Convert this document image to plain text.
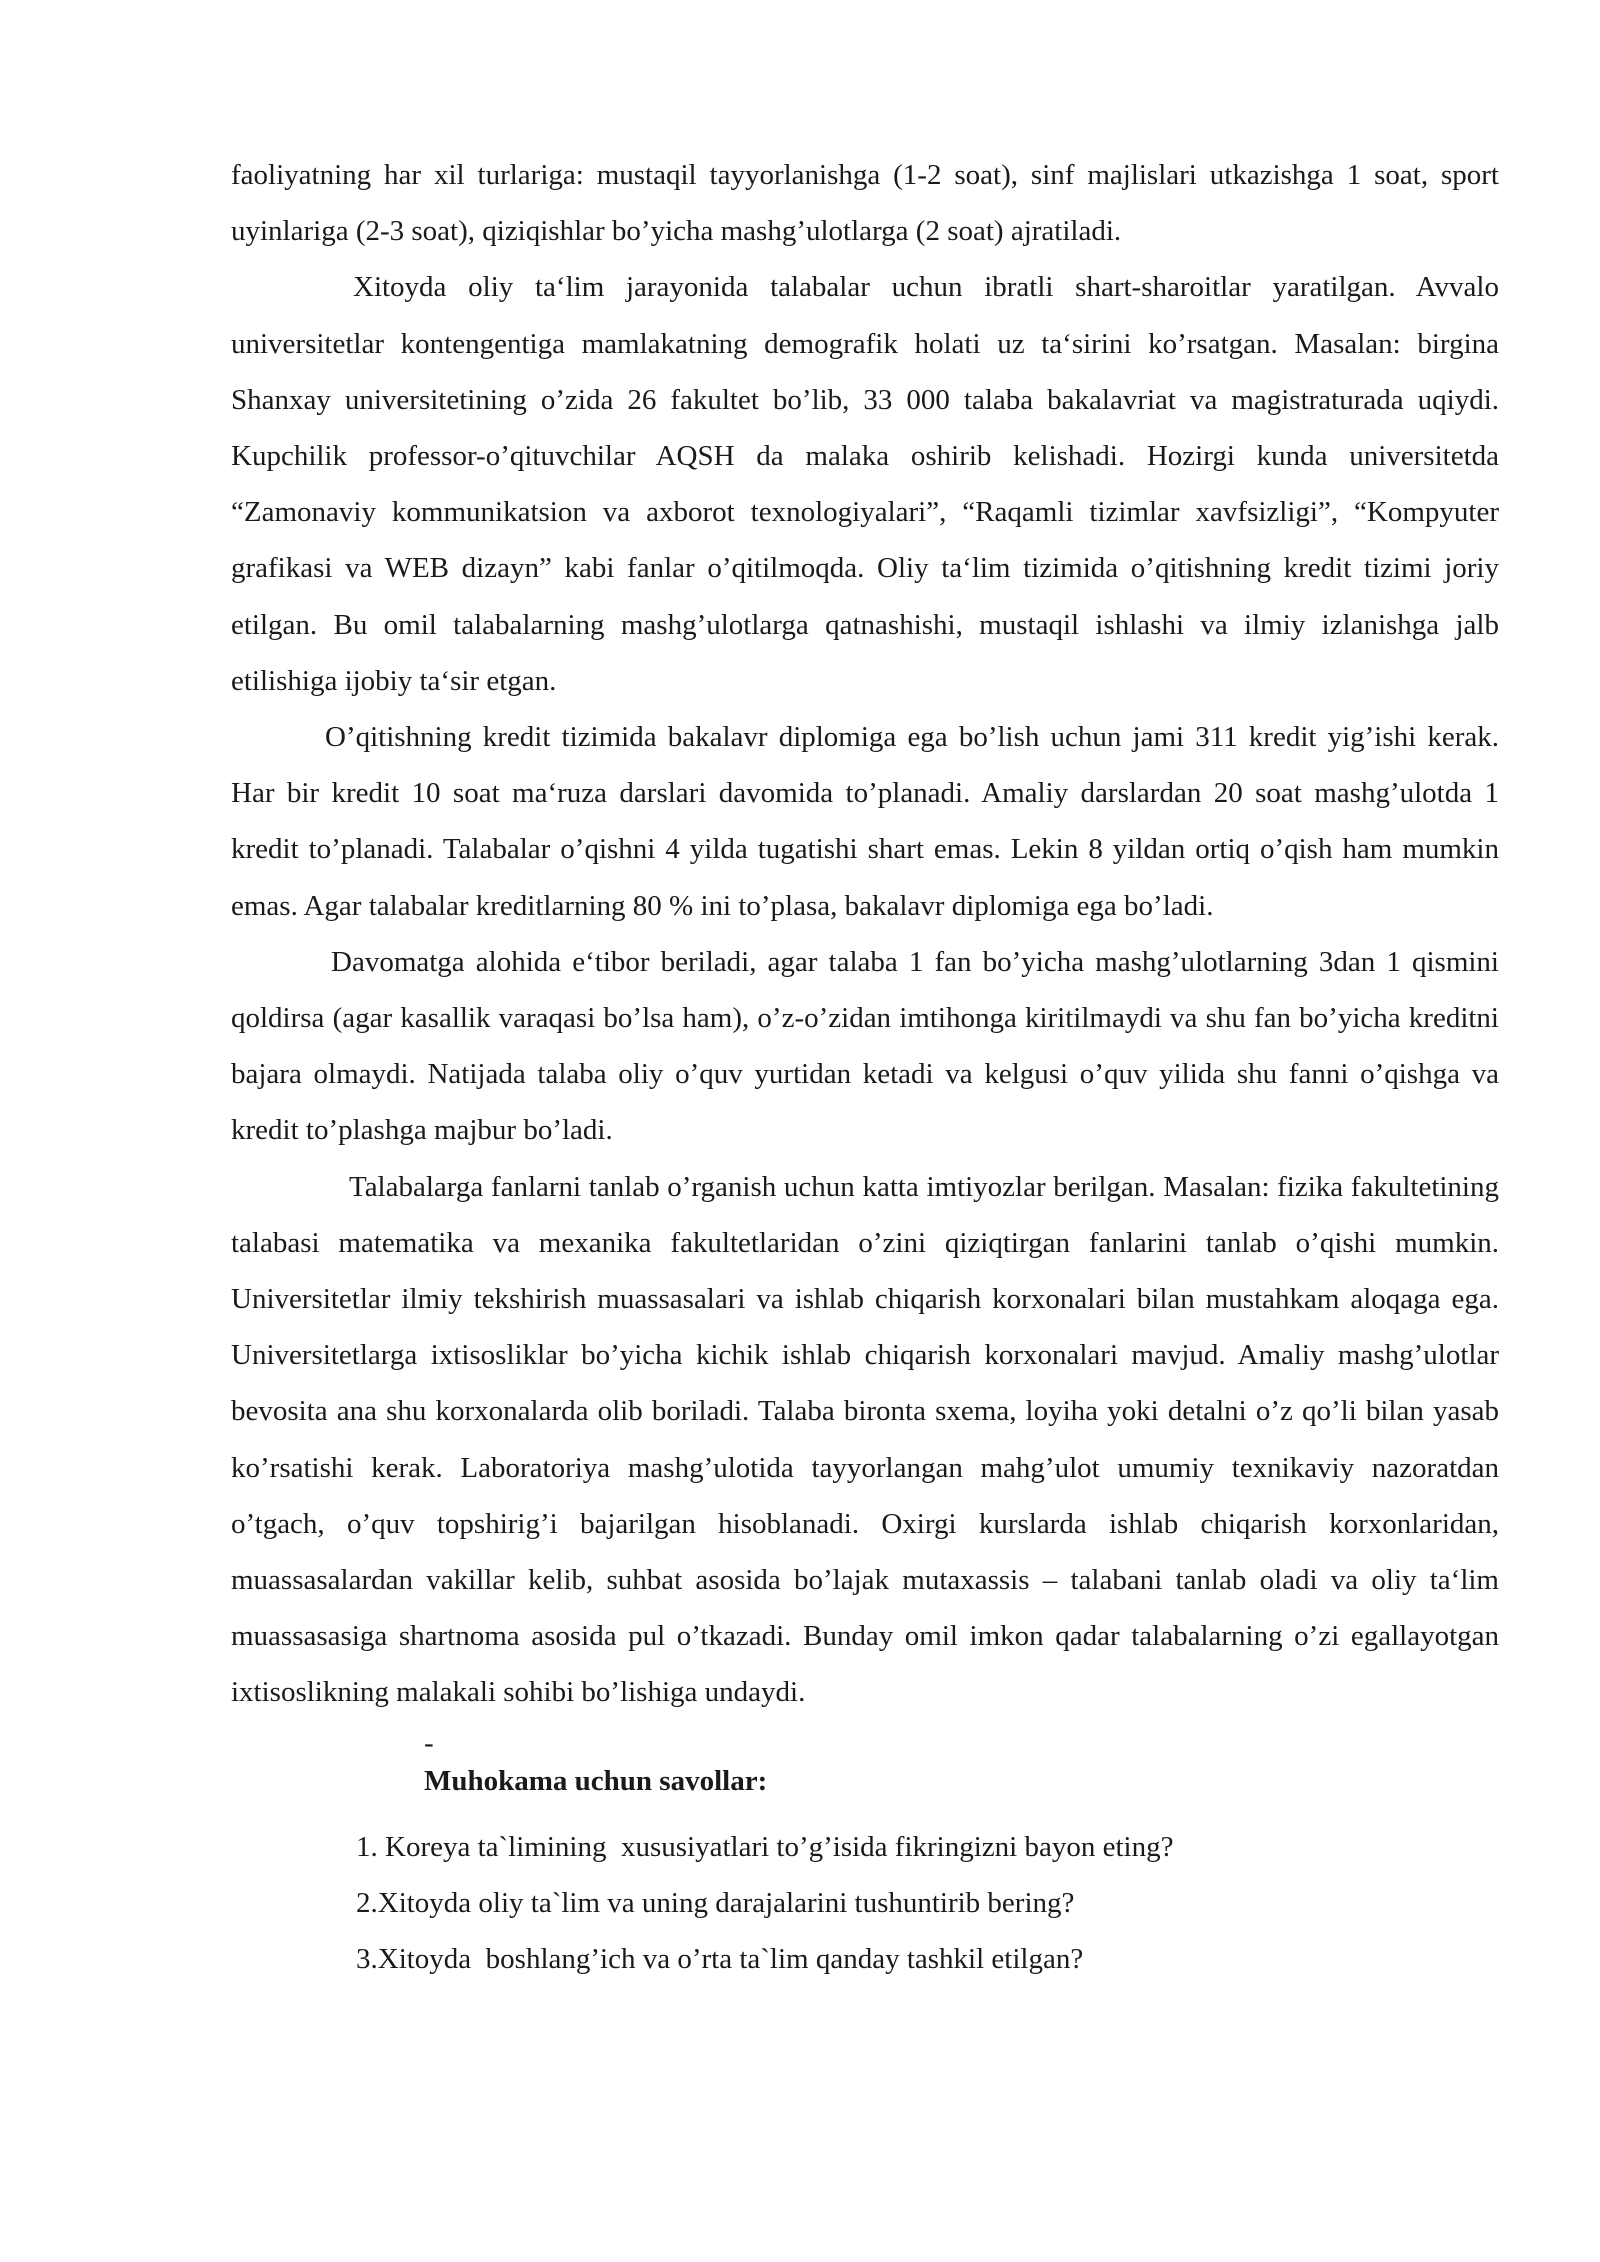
faoliyatning har xil turlariga: mustaqil tayyorlanishga (1-2 soat), sinf majlislari utkazishga 1 soat, sport uyinlariga (2-3 soat), qiziqishlar bo’yicha mashg’ulotlarga (2 soat) ajratiladi.

Xitoyda oliy ta‘lim jarayonida talabalar uchun ibratli shart-sharoitlar yaratilgan. Avvalo universitetlar kontengentiga mamlakatning demografik holati uz ta‘sirini ko’rsatgan. Masalan: birgina Shanxay universitetining o’zida 26 fakultet bo’lib, 33 000 talaba bakalavriat va magistraturada uqiydi. Kupchilik professor-o’qituvchilar AQSH da malaka oshirib kelishadi. Hozirgi kunda universitetda “Zamonaviy kommunikatsion va axborot texnologiyalari”, “Raqamli tizimlar xavfsizligi”, “Kompyuter grafikasi va WEB dizayn” kabi fanlar o’qitilmoqda. Oliy ta‘lim tizimida o’qitishning kredit tizimi joriy etilgan. Bu omil talabalarning mashg’ulotlarga qatnashishi, mustaqil ishlashi va ilmiy izlanishga jalb etilishiga ijobiy ta‘sir etgan.

O’qitishning kredit tizimida bakalavr diplomiga ega bo’lish uchun jami 311 kredit yig’ishi kerak. Har bir kredit 10 soat ma‘ruza darslari davomida to’planadi. Amaliy darslardan 20 soat mashg’ulotda 1 kredit to’planadi. Talabalar o’qishni 4 yilda tugatishi shart emas. Lekin 8 yildan ortiq o’qish ham mumkin emas. Agar talabalar kreditlarning 80 % ini to’plasa, bakalavr diplomiga ega bo’ladi.

Davomatga alohida e‘tibor beriladi, agar talaba 1 fan bo’yicha mashg’ulotlarning 3dan 1 qismini qoldirsa (agar kasallik varaqasi bo’lsa ham), o’z-o’zidan imtihonga kiritilmaydi va shu fan bo’yicha kreditni bajara olmaydi. Natijada talaba oliy o’quv yurtidan ketadi va kelgusi o’quv yilida shu fanni o’qishga va kredit to’plashga majbur bo’ladi.

Talabalarga fanlarni tanlab o’rganish uchun katta imtiyozlar berilgan. Masalan: fizika fakultetining talabasi matematika va mexanika fakultetlaridan o’zini qiziqtirgan fanlarini tanlab o’qishi mumkin. Universitetlar ilmiy tekshirish muassasalari va ishlab chiqarish korxonalari bilan mustahkam aloqaga ega. Universitetlarga ixtisosliklar bo’yicha kichik ishlab chiqarish korxonalari mavjud. Amaliy mashg’ulotlar bevosita ana shu korxonalarda olib boriladi. Talaba bironta sxema, loyiha yoki detalni o’z qo’li bilan yasab ko’rsatishi kerak. Laboratoriya mashg’ulotida tayyorlangan mahg’ulot umumiy texnikaviy nazoratdan o’tgach, o’quv topshirig’i bajarilgan hisoblanadi. Oxirgi kurslarda ishlab chiqarish korxonlaridan, muassasalardan vakillar kelib, suhbat asosida bo’lajak mutaxassis – talabani tanlab oladi va oliy ta‘lim muassasasiga shartnoma asosida pul o’tkazadi. Bunday omil imkon qadar talabalarning o’zi egallayotgan ixtisoslikning malakali sohibi bo’lishiga undaydi.

-

Muhokama uchun savollar:
1. Koreya ta`limining  xususiyatlari to’g’isida fikringizni bayon eting?
2.Xitoyda oliy ta`lim va uning darajalarini tushuntirib bering?
3.Xitoyda  boshlang’ich va o’rta ta`lim qanday tashkil etilgan?
